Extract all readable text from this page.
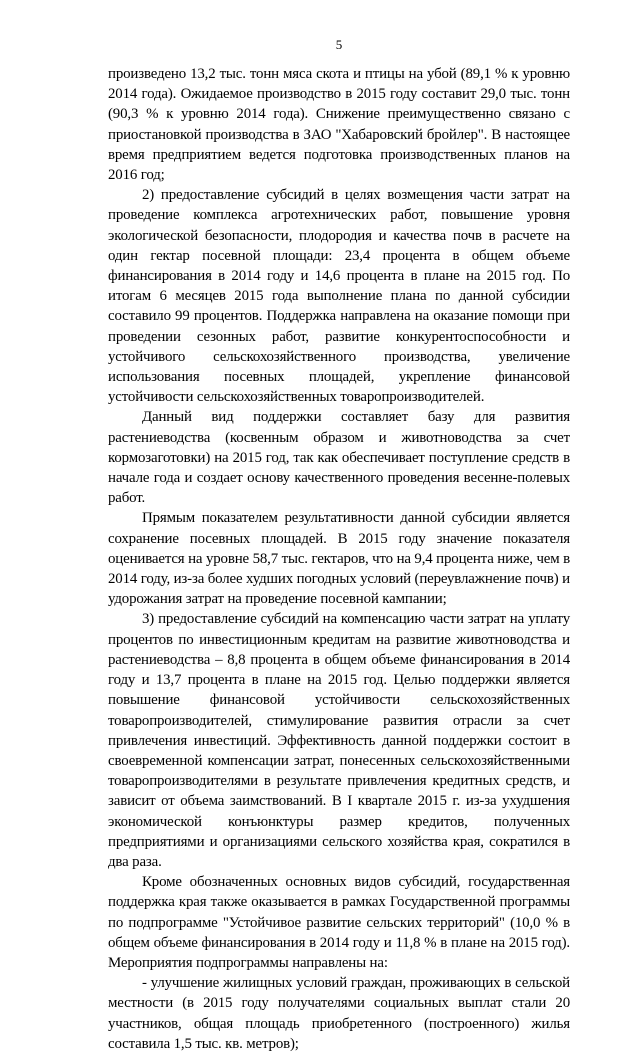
5

произведено 13,2 тыс. тонн мяса скота и птицы на убой (89,1 % к уровню 2014 года). Ожидаемое производство в 2015 году составит 29,0 тыс. тонн (90,3 % к уровню 2014 года). Снижение преимущественно связано с приостановкой производства в ЗАО "Хабаровский бройлер". В настоящее время предприятием ведется подготовка производственных планов на 2016 год;

2) предоставление субсидий в целях возмещения части затрат на проведение комплекса агротехнических работ, повышение уровня экологической безопасности, плодородия и качества почв в расчете на один гектар посевной площади: 23,4 процента в общем объеме финансирования в 2014 году и 14,6 процента в плане на 2015 год. По итогам 6 месяцев 2015 года выполнение плана по данной субсидии составило 99 процентов. Поддержка направлена на оказание помощи при проведении сезонных работ, развитие конкурентоспособности и устойчивого сельскохозяйственного производства, увеличение использования посевных площадей, укрепление финансовой устойчивости сельскохозяйственных товаропроизводителей.

Данный вид поддержки составляет базу для развития растениеводства (косвенным образом и животноводства за счет кормозаготовки) на 2015 год, так как обеспечивает поступление средств в начале года и создает основу качественного проведения весенне-полевых работ.

Прямым показателем результативности данной субсидии является сохранение посевных площадей. В 2015 году значение показателя оценивается на уровне 58,7 тыс. гектаров, что на 9,4 процента ниже, чем в 2014 году, из-за более худших погодных условий (переувлажнение почв) и удорожания затрат на проведение посевной кампании;

3) предоставление субсидий на компенсацию части затрат на уплату процентов по инвестиционным кредитам на развитие животноводства и растениеводства – 8,8 процента в общем объеме финансирования в 2014 году и 13,7 процента в плане на 2015 год. Целью поддержки является повышение финансовой устойчивости сельскохозяйственных товаропроизводителей, стимулирование развития отрасли за счет привлечения инвестиций. Эффективность данной поддержки состоит в своевременной компенсации затрат, понесенных сельскохозяйственными товаропроизводителями в результате привлечения кредитных средств, и зависит от объема заимствований. В I квартале 2015 г. из-за ухудшения экономической конъюнктуры размер кредитов, полученных предприятиями и организациями сельского хозяйства края, сократился в два раза.

Кроме обозначенных основных видов субсидий, государственная поддержка края также оказывается в рамках Государственной программы по подпрограмме "Устойчивое развитие сельских территорий" (10,0 % в общем объеме финансирования в 2014 году и 11,8 % в плане на 2015 год). Мероприятия подпрограммы направлены на:

- улучшение жилищных условий граждан, проживающих в сельской местности (в 2015 году получателями социальных выплат стали 20 участников, общая площадь приобретенного (построенного) жилья составила 1,5 тыс. кв. метров);
